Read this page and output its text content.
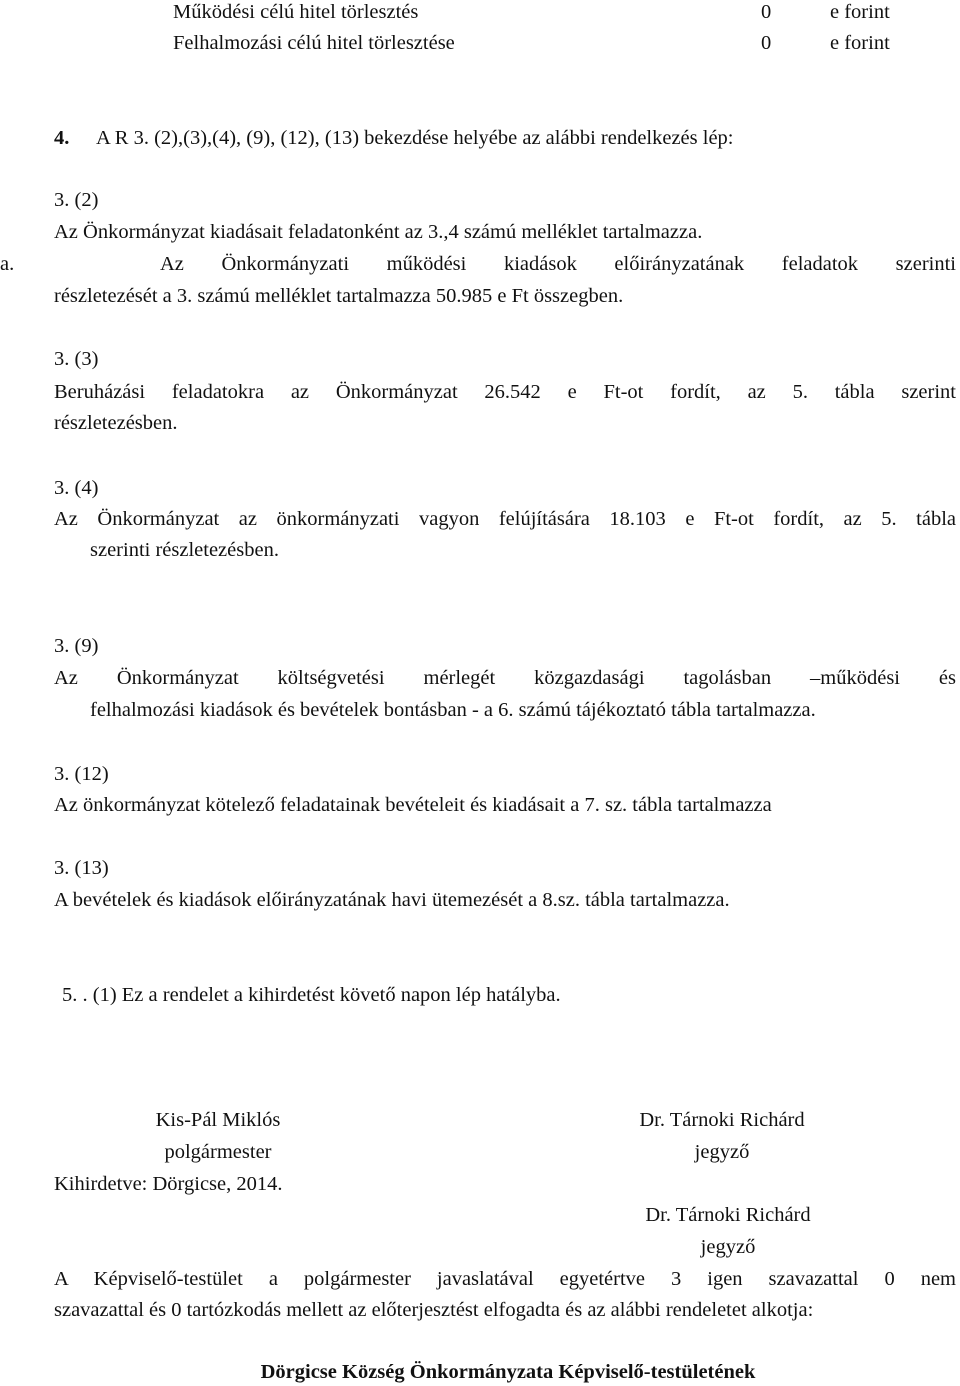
Működési célú hitel törlesztés	0	e forint
Felhalmozási célú hitel törlesztése	0	e forint
4. A R 3. (2),(3),(4), (9), (12), (13) bekezdése helyébe az alábbi rendelkezés lép:
3. (2)
Az Önkormányzat kiadásait feladatonként az 3.,4 számú melléklet tartalmazza.
a.	Az Önkormányzati működési kiadások előirányzatának feladatok szerinti
részletezését a 3. számú melléklet tartalmazza 50.985 e Ft összegben.
3. (3)
Beruházási feladatokra az Önkormányzat 26.542 e Ft-ot fordít, az 5. tábla szerint
részletezésben.
3. (4)
Az Önkormányzat az önkormányzati vagyon felújítására 18.103 e Ft-ot fordít, az 5. tábla
szerinti részletezésben.
3. (9)
Az Önkormányzat költségvetési mérlegét közgazdasági tagolásban –működési és
felhalmozási kiadások és bevételek bontásban - a 6. számú tájékoztató tábla tartalmazza.
3. (12)
Az önkormányzat kötelező feladatainak bevételeit és kiadásait a 7. sz. tábla tartalmazza
3. (13)
A bevételek és kiadások előirányzatának havi ütemezését a 8.sz. tábla tartalmazza.
5. . (1) Ez a rendelet a kihirdetést követő napon lép hatályba.
Kis-Pál Miklós
polgármester
Dr. Tárnoki Richárd
jegyző
Kihirdetve: Dörgicse, 2014.
Dr. Tárnoki Richárd
jegyző
A Képviselő-testület a polgármester javaslatával egyetértve 3 igen szavazattal 0 nem
szavazattal és 0 tartózkodás mellett az előterjesztést elfogadta és az alábbi rendeletet alkotja:
Dörgicse Község Önkormányzata Képviselő-testületének
